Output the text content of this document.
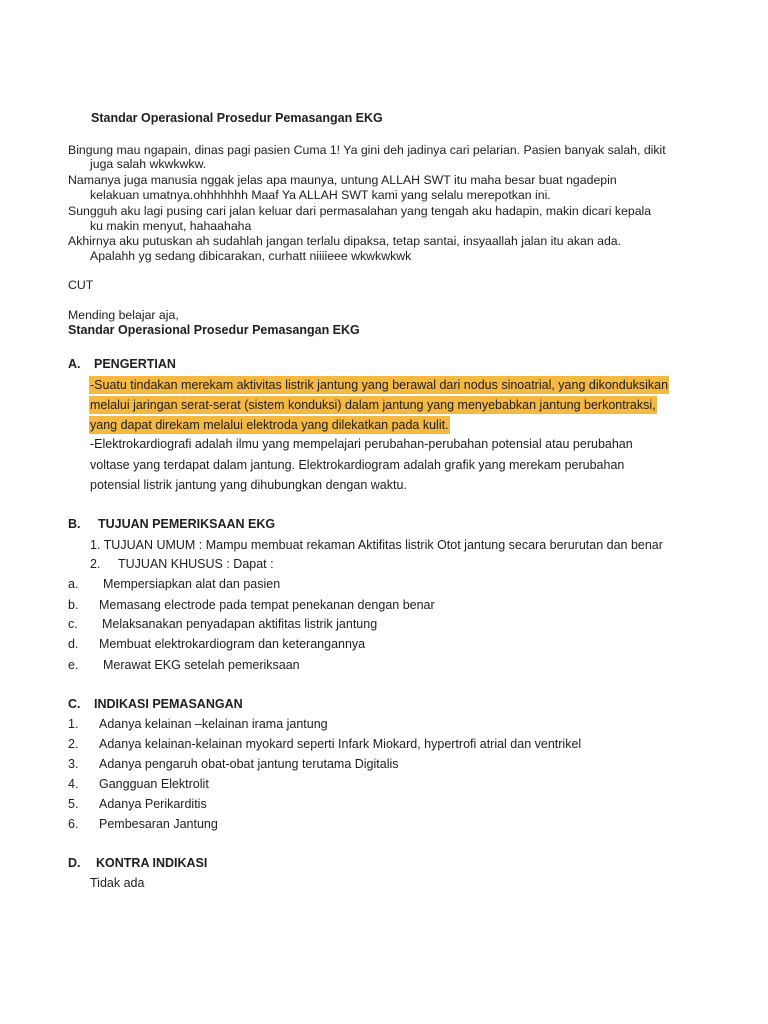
Standar Operasional Prosedur Pemasangan EKG
Bingung mau ngapain, dinas pagi pasien Cuma 1! Ya gini deh jadinya cari pelarian. Pasien banyak salah, dikit
juga salah wkwkwkw.
Namanya juga manusia nggak jelas apa maunya, untung ALLAH SWT itu maha besar buat ngadepin
kelakuan umatnya.ohhhhhhh Maaf Ya ALLAH SWT kami yang selalu merepotkan ini.
Sungguh aku lagi pusing cari jalan keluar dari permasalahan yang tengah aku hadapin, makin dicari kepala
ku makin menyut, hahaahaha
Akhirnya aku putuskan ah sudahlah jangan terlalu dipaksa, tetap santai, insyaallah jalan itu akan ada.
Apalahh yg sedang dibicarakan, curhatt niiiieee wkwkwkwk
CUT
Mending belajar aja,
Standar Operasional Prosedur Pemasangan EKG
A. PENGERTIAN
-Suatu tindakan merekam aktivitas listrik jantung yang berawal dari nodus sinoatrial, yang dikonduksikan
melalui jaringan serat-serat (sistem konduksi) dalam jantung yang menyebabkan jantung berkontraksi,
yang dapat direkam melalui elektroda yang dilekatkan pada kulit.
-Elektrokardiografi adalah ilmu yang mempelajari perubahan-perubahan potensial atau perubahan
voltase yang terdapat dalam jantung. Elektrokardiogram adalah grafik yang merekam perubahan
potensial listrik jantung yang dihubungkan dengan waktu.
B. TUJUAN PEMERIKSAAN EKG
1. TUJUAN UMUM : Mampu membuat rekaman Aktifitas listrik Otot jantung secara berurutan dan benar
2. TUJUAN KHUSUS : Dapat :
a. Mempersiapkan alat dan pasien
b. Memasang electrode pada tempat penekanan dengan benar
c. Melaksanakan penyadapan aktifitas listrik jantung
d. Membuat elektrokardiogram dan keterangannya
e. Merawat EKG setelah pemeriksaan
C. INDIKASI PEMASANGAN
1. Adanya kelainan –kelainan irama jantung
2. Adanya kelainan-kelainan myokard seperti Infark Miokard, hypertrofi atrial dan ventrikel
3. Adanya pengaruh obat-obat jantung terutama Digitalis
4. Gangguan Elektrolit
5. Adanya Perikarditis
6. Pembesaran Jantung
D. KONTRA INDIKASI
Tidak ada
